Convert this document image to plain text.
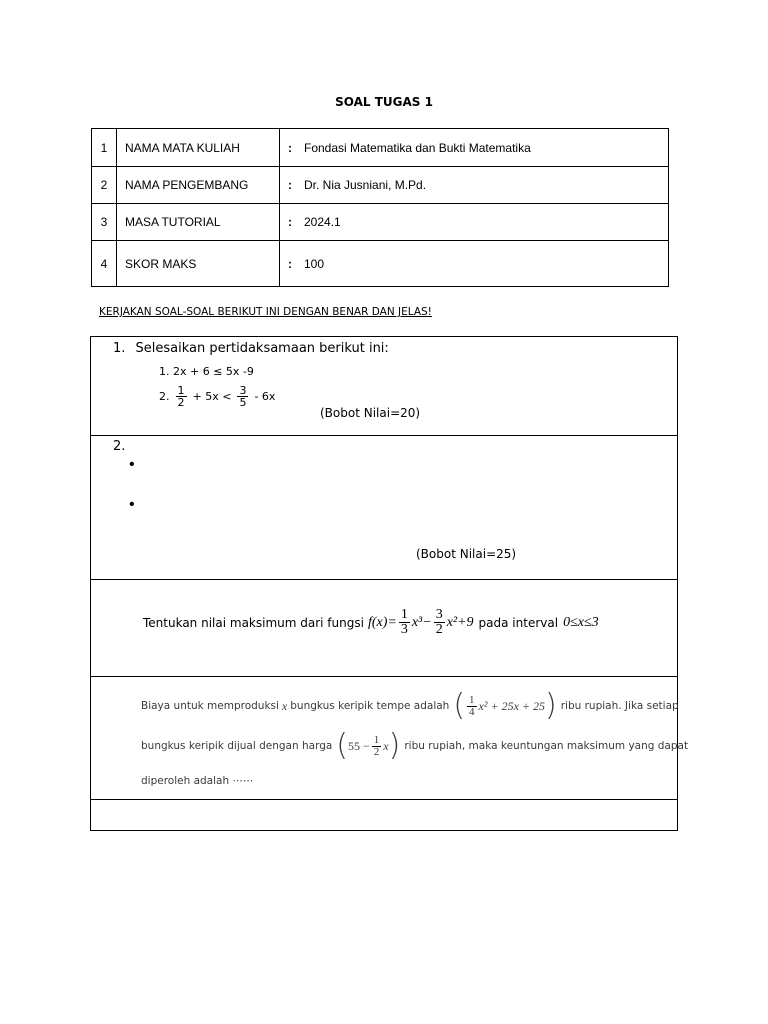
SOAL TUGAS 1
1	NAMA MATA KULIAH	: Fondasi Matematika dan Bukti Matematika
2	NAMA PENGEMBANG	: Dr. Nia Jusniani, M.Pd.
3	MASA TUTORIAL	: 2024.1
4	SKOR MAKS	: 100
KERJAKAN SOAL-SOAL BERIKUT INI DENGAN BENAR DAN JELAS!
1. Selesaikan pertidaksamaan berikut ini:
1. 2x + 6 ≤ 5x -9
2. $\frac{1}{2} + 5x < \frac{3}{5} - 6x$
(Bobot Nilai=20)
2.
•
•
(Bobot Nilai=25)
Tentukan nilai maksimum dari fungsi $f(x)= \frac{1}{3} x^3- \frac{3}{2} x^2+9$ pada interval 0≤x≤3
Biaya untuk memproduksi x bungkus keripik tempe adalah ( $\frac{1}{4} x^2 + 25x + 25$ ) ribu rupiah. Jika setiap
bungkus keripik dijual dengan harga ( $55 - \frac{1}{2}$ x ) ribu rupiah, maka keuntungan maksimum yang dapat
diperoleh adalah ⋯⋯
